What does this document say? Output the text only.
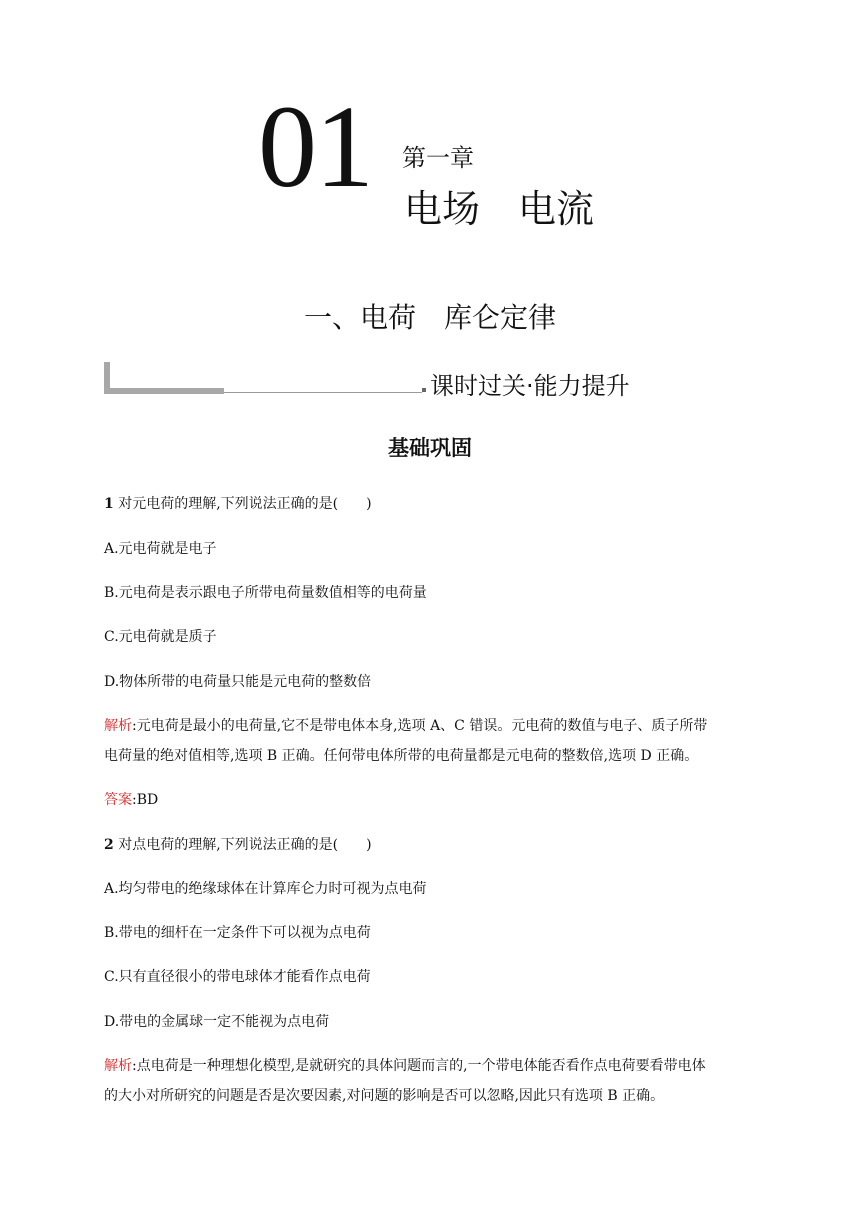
01 第一章
电场　电流
一、电荷　库仑定律
课时过关·能力提升
基础巩固
1 对元电荷的理解,下列说法正确的是(　　)
A.元电荷就是电子
B.元电荷是表示跟电子所带电荷量数值相等的电荷量
C.元电荷就是质子
D.物体所带的电荷量只能是元电荷的整数倍
解析:元电荷是最小的电荷量,它不是带电体本身,选项 A、C 错误。元电荷的数值与电子、质子所带
电荷量的绝对值相等,选项 B 正确。任何带电体所带的电荷量都是元电荷的整数倍,选项 D 正确。
答案:BD
2 对点电荷的理解,下列说法正确的是(　　)
A.均匀带电的绝缘球体在计算库仑力时可视为点电荷
B.带电的细杆在一定条件下可以视为点电荷
C.只有直径很小的带电球体才能看作点电荷
D.带电的金属球一定不能视为点电荷
解析:点电荷是一种理想化模型,是就研究的具体问题而言的,一个带电体能否看作点电荷要看带电体
的大小对所研究的问题是否是次要因素,对问题的影响是否可以忽略,因此只有选项 B 正确。
